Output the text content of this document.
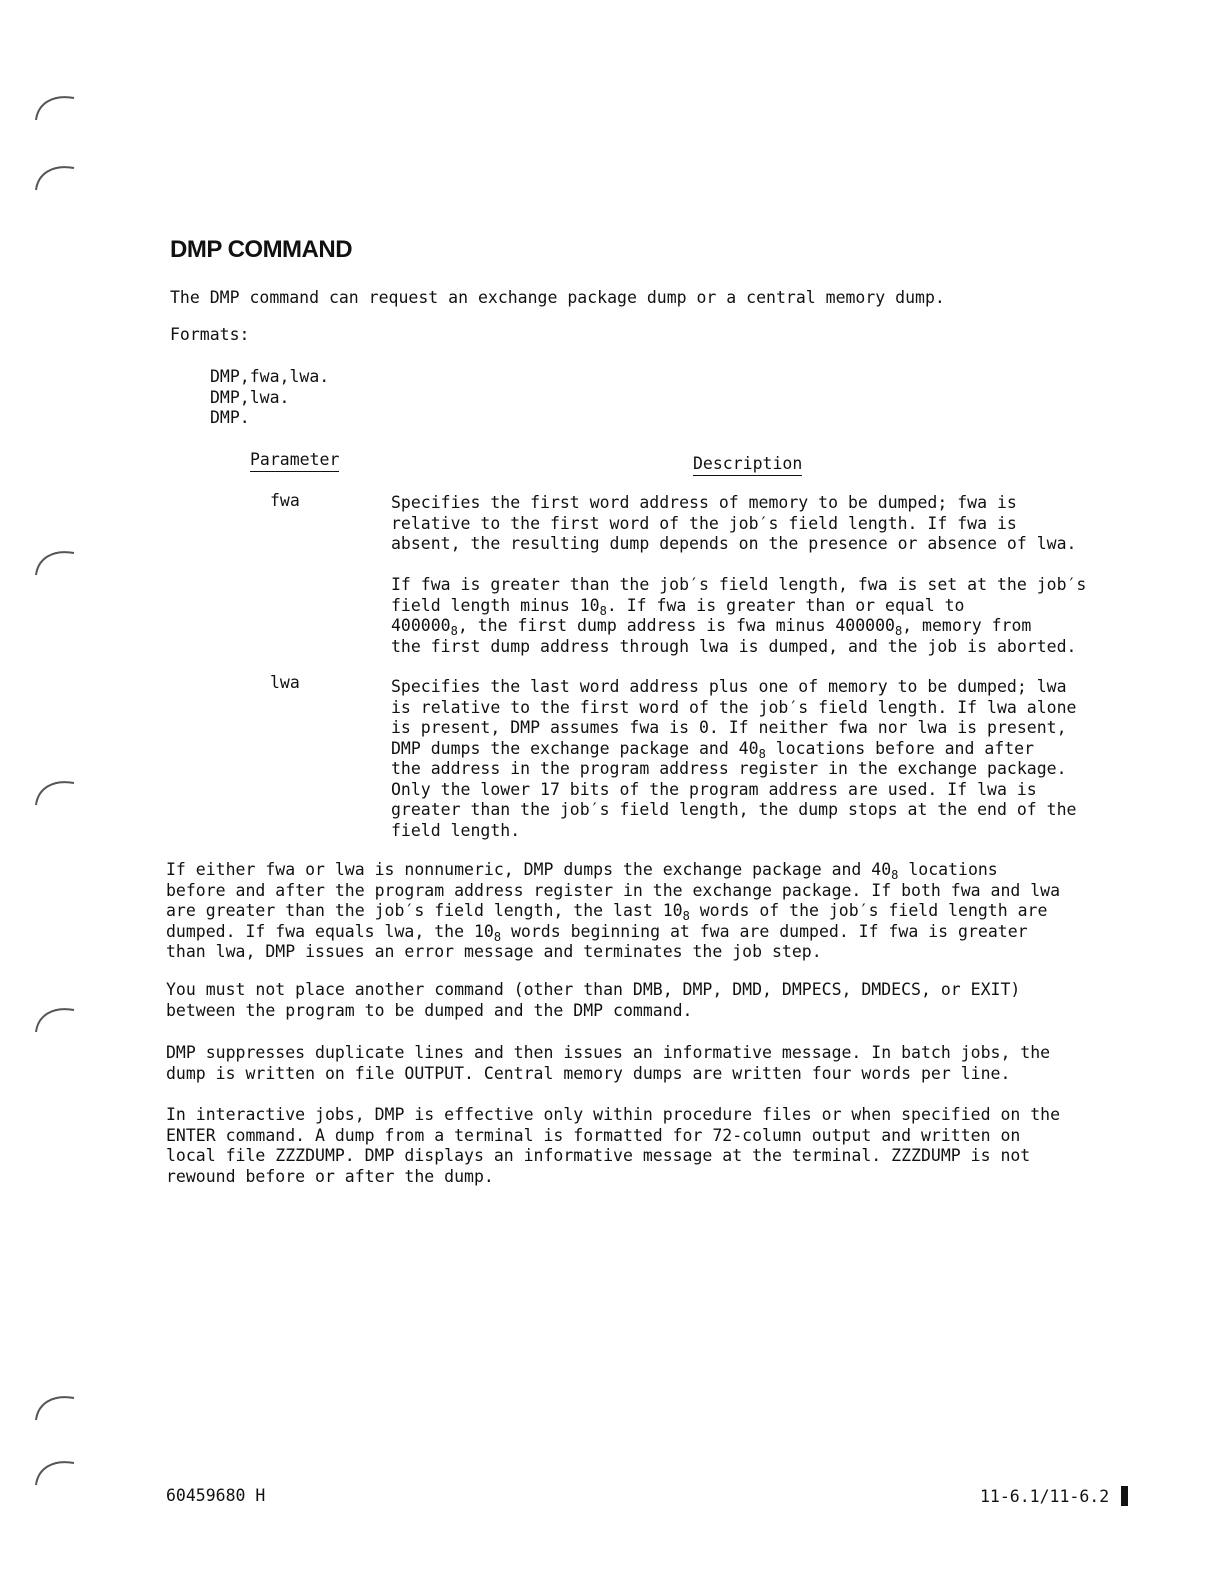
DMP COMMAND
The DMP command can request an exchange package dump or a central memory dump.
Formats:
DMP,fwa,lwa.
DMP,lwa.
DMP.
Parameter	Description
fwa	Specifies the first word address of memory to be dumped; fwa is
relative to the first word of the job′s field length. If fwa is
absent, the resulting dump depends on the presence or absence of lwa.
If fwa is greater than the job′s field length, fwa is set at the job′s
field length minus $10_8$. If fwa is greater than or equal to
$400000_8$, the first dump address is fwa minus $400000_8$, memory from
the first dump address through lwa is dumped, and the job is aborted.
lwa	Specifies the last word address plus one of memory to be dumped; lwa
is relative to the first word of the job′s field length. If lwa alone
is present, DMP assumes fwa is 0. If neither fwa nor lwa is present,
DMP dumps the exchange package and $40_8$ locations before and after
the address in the program address register in the exchange package.
Only the lower 17 bits of the program address are used. If lwa is
greater than the job′s field length, the dump stops at the end of the
field length.
If either fwa or lwa is nonnumeric, DMP dumps the exchange package and $40_8$ locations
before and after the program address register in the exchange package. If both fwa and lwa
are greater than the job′s field length, the last $10_8$ words of the job′s field length are
dumped. If fwa equals lwa, the $10_8$ words beginning at fwa are dumped. If fwa is greater
than lwa, DMP issues an error message and terminates the job step.
You must not place another command (other than DMB, DMP, DMD, DMPECS, DMDECS, or EXIT)
between the program to be dumped and the DMP command.
DMP suppresses duplicate lines and then issues an informative message. In batch jobs, the
dump is written on file OUTPUT. Central memory dumps are written four words per line.
In interactive jobs, DMP is effective only within procedure files or when specified on the
ENTER command. A dump from a terminal is formatted for 72-column output and written on
local file ZZZDUMP. DMP displays an informative message at the terminal. ZZZDUMP is not
rewound before or after the dump.
60459680 H	11-6.1/11-6.2
